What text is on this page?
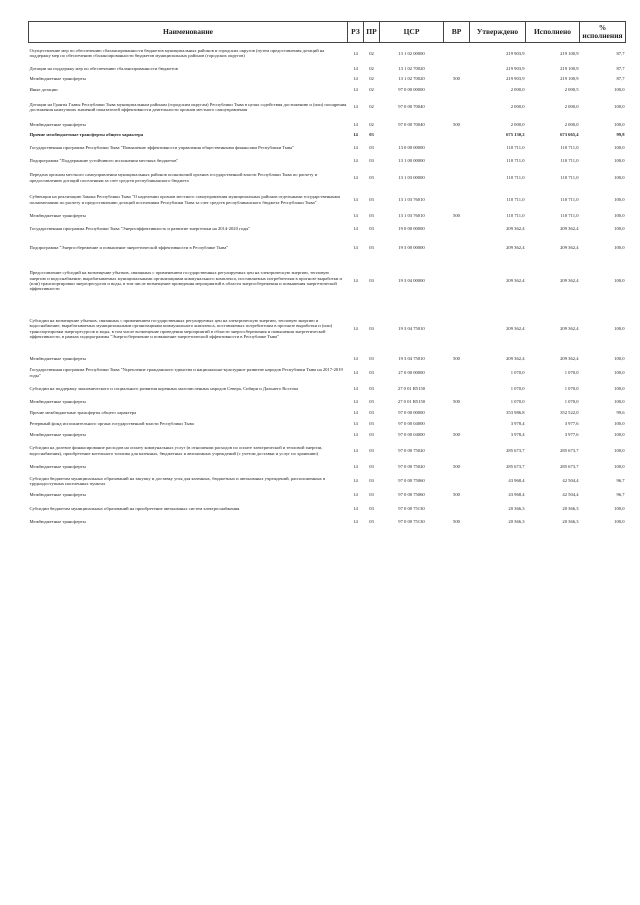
Наименование	РЗ	ПР	ЦСР	ВР	Утверждено	Исполнено	% исполнения
Осуществление мер по обеспечению сбалансированности бюджетов муниципальных районов и городских округов (путем предоставления дотаций на поддержку мер по обеспечению сбалансированности бюджетов муниципальных районов (городских округов)	14	02	13 1 02 00000		219 903,9	219 100,9	87,7
Дотации на поддержку мер по обеспечению сбалансированности бюджетов	14	02	13 1 02 70020		219 903,9	219 100,9	87,7
Межбюджетные трансферты	14	02	13 1 02 70020	500	219 903,9	219 100,9	87,7
Иные дотации	14	02	97 0 00 00000		2 000,0	2 000,5	100,0
Дотации на Гранты Главы Республики Тыва муниципальным районам (городским округам) Республики Тыва в целях содействия достижению и (или) поощрения достижения наилучших значений показателей эффективности деятельности органов местного самоуправления	14	02	97 0 00 70040		2 000,0	2 000,0	100,0
Межбюджетные трансферты	14	02	97 0 00 70040	500	2 000,0	2 000,0	100,0
Прочие межбюджетные трансферты общего характера	14	03			675 130,2	673 665,4	99,8
Государственная программа Республики Тыва "Повышение эффективности управления общественными финансами Республики Тыва"	14	03	13 0 00 00000		110 711,0	110 711,0	100,0
Подпрограмма "Поддержание устойчивого исполнения местных бюджетов"	14	03	13 1 00 00000		110 711,0	110 711,0	100,0
Передача органам местного самоуправления муниципальных районов полномочий органов государственной власти Республики Тыва по расчету и предоставлению дотаций поселениям за счет средств республиканского бюджета	14	03	13 1 03 00000		110 711,0	110 711,0	100,0
Субвенции на реализацию Закона Республики Тыва "О наделении органов местного самоуправления муниципальных районов отдельными государственными полномочиями по расчету и предоставлению дотаций поселениям Республики Тыва за счет средств республиканского бюджета Республики Тыва"	14	03	13 1 03 76010		110 711,0	110 711,0	100,0
Межбюджетные трансферты	14	03	13 1 03 76010	500	110 711,0	110 711,0	100,0
Государственная программа Республики Тыва "Энергоэффективность и развитие энергетики на 2014-2020 годы"	14	03	19 0 00 00000		209 362,4	209 362,4	100,0
Подпрограмма "Энергосбережение и повышение энергетической эффективности в Республике Тыва"	14	03	19 3 00 00000		209 362,4	209 362,4	100,0
Предоставление субсидий на возмещение убытков, связанных с применением государственных регулируемых цен на электрическую энергию, тепловую энергию и водоснабжение, вырабатываемых муниципальными организациями коммунального комплекса, поставляемых потребителям в прогнозе выработки и (или) транспортировки энергоресурсов и воды, в том числе возмещение проведения мероприятий в области энергосбережения и повышения энергетической эффективности	14	03	19 3 04 00000		209 362,4	209 362,4	100,0
Субсидии на возмещение убытков, связанных с применением государственных регулируемых цен на электрическую энергию, тепловую энергию и водоснабжение, вырабатываемых муниципальными организациями коммунального комплекса, поставляемых потребителям в прогнозе выработки и (или) транспортировки энергоресурсов и воды, в том числе возмещение проведения мероприятий в области энергосбережения и повышения энергетической эффективности, в рамках подпрограммы "Энергосбережение и повышение энергетической эффективности в Республике Тыва"	14	03	19 3 04 75010		209 362,4	209 362,4	100,0
Межбюджетные трансферты	14	03	19 3 04 75010	500	209 362,4	209 362,4	100,0
Государственная программа Республики Тыва "Укрепление гражданского единства и национально-культурное развитие народов Республики Тыва на 2017-2019 годы"	14	03	27 0 00 00000		1 070,0	1 070,0	100,0
Субсидии на поддержку экономического и социального развития коренных малочисленных народов Севера, Сибири и Дальнего Востока	14	03	27 0 01 R5150		1 070,0	1 070,0	100,0
Межбюджетные трансферты	14	03	27 0 01 R5150	500	1 070,0	1 070,0	100,0
Прочие межбюджетные трансферты общего характера	14	03	97 0 00 00000		353 986,8	352 522,0	99,6
Резервный фонд исполнительного органа государственной власти Республики Тыва	14	03	97 0 00 04000		3 978,4	3 977,6	100,0
Межбюджетные трансферты	14	03	97 0 00 04000	500	3 978,4	3 977,6	100,0
Субсидии на долевое финансирование расходов на оплату коммунальных услуг (в отношении расходов по оплате электрической и тепловой энергии, водоснабжения), приобретение котельного топлива для казенных, бюджетных и автономных учреждений (с учетом доставки и услуг по хранению)	14	03	97 0 00 75020		285 673,7	285 673,7	100,0
Межбюджетные трансферты	14	03	97 0 00 75020	500	285 673,7	285 673,7	100,0
Субсидии бюджетам муниципальных образований на закупку и доставку угля для казенных, бюджетных и автономных учреждений, расположенных в труднодоступных населенных пунктах	14	03	97 0 00 75060		43 968,4	42 504,4	96,7
Межбюджетные трансферты	14	03	97 0 00 75060	500	43 968,4	42 504,4	96,7
Субсидии бюджетам муниципальных образований на приобретение автономных систем электроснабжения	14	03	97 0 00 75130		20 366,3	20 366,3	100,0
Межбюджетные трансферты	14	03	97 0 00 75130	500	20 366,3	20 366,3	100,0
